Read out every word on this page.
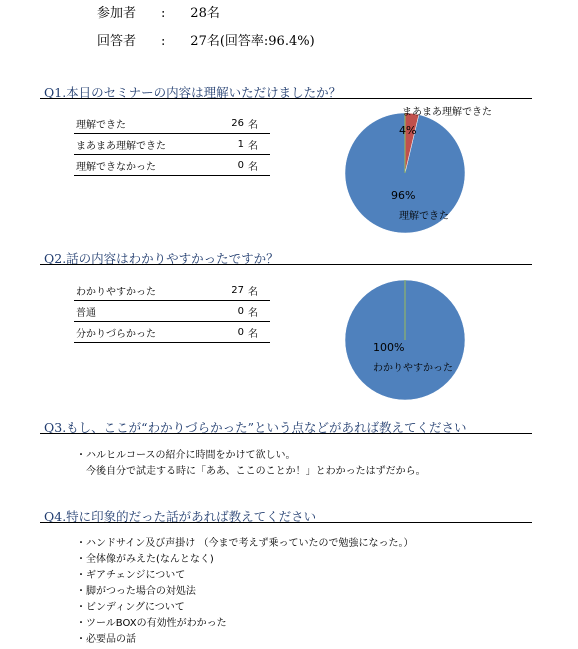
参加者 : 28名
回答者 : 27名(回答率:96.4%)
Q1.本日のセミナーの内容は理解いただけましたか？
理解できた	26	名
まあまあ理解できた	1	名
理解できなかった	0	名
まあまあ理解できた
4%
96%
理解できた
Q2.話の内容はわかりやすかったですか？
わかりやすかった	27	名
普通	0	名
分かりづらかった	0	名
100%
わかりやすかった
Q3.もし、ここが“わかりづらかった”という点などがあれば教えてください
・ハルヒルコースの紹介に時間をかけて欲しい。
　今後自分で試走する時に「ああ、ここのことか！」とわかったはずだから。
Q4.特に印象的だった話があれば教えてください
・ハンドサイン及び声掛け （今まで考えず乗っていたので勉強になった。）
・全体像がみえた(なんとなく)
・ギアチェンジについて
・脚がつった場合の対処法
・ビンディングについて
・ツールBOXの有効性がわかった
・必要品の話
